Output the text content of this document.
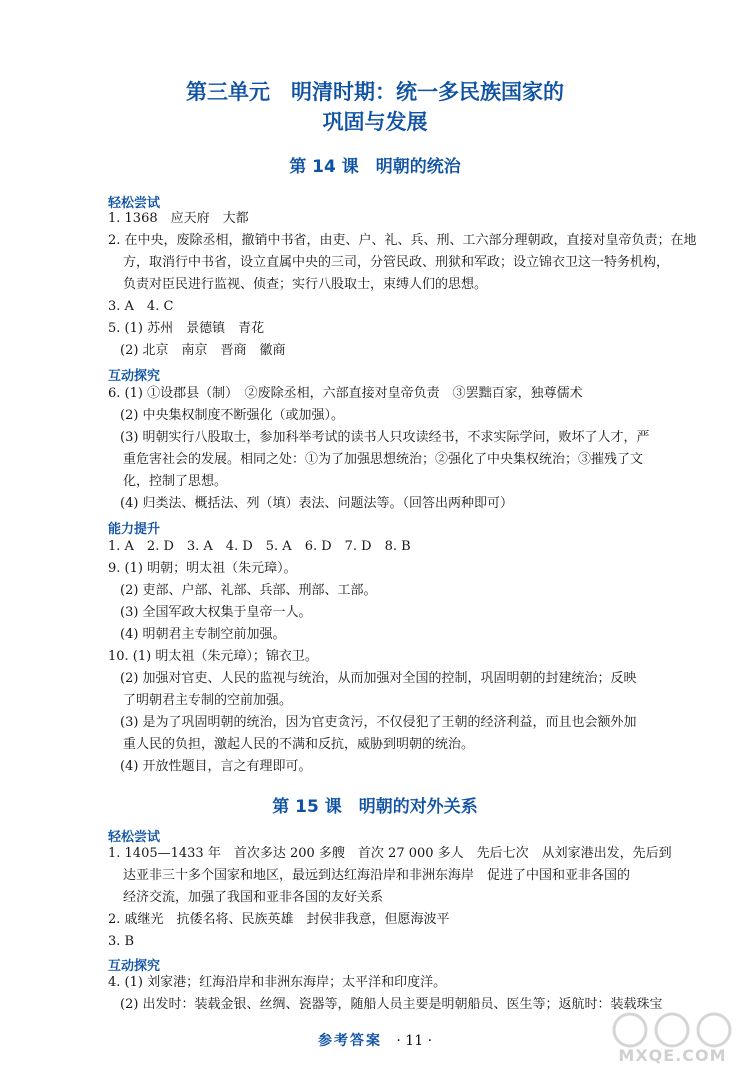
第三单元　明清时期：统一多民族国家的
巩固与发展
第 14 课　明朝的统治
轻松尝试
1. 1368　应天府　大都
2. 在中央，废除丞相，撤销中书省，由吏、户、礼、兵、刑、工六部分理朝政，直接对皇帝负责；在地
方，取消行中书省，设立直属中央的三司，分管民政、刑狱和军政；设立锦衣卫这一特务机构，
负责对臣民进行监视、侦查；实行八股取士，束缚人们的思想。
3. A　4. C
5. (1) 苏州　景德镇　青花
(2) 北京　南京　晋商　徽商
互动探究
6. (1) ①设郡县（制）　②废除丞相，六部直接对皇帝负责　③罢黜百家，独尊儒术
(2) 中央集权制度不断强化（或加强）。
(3) 明朝实行八股取士，参加科举考试的读书人只攻读经书，不求实际学问，败坏了人才，严
重危害社会的发展。相同之处：①为了加强思想统治；②强化了中央集权统治；③摧残了文
化，控制了思想。
(4) 归类法、概括法、列（填）表法、问题法等。（回答出两种即可）
能力提升
1. A　2. D　3. A　4. D　5. A　6. D　7. D　8. B
9. (1) 明朝；明太祖（朱元璋）。
(2) 吏部、户部、礼部、兵部、刑部、工部。
(3) 全国军政大权集于皇帝一人。
(4) 明朝君主专制空前加强。
10. (1) 明太祖（朱元璋）；锦衣卫。
(2) 加强对官吏、人民的监视与统治，从而加强对全国的控制，巩固明朝的封建统治；反映
了明朝君主专制的空前加强。
(3) 是为了巩固明朝的统治，因为官吏贪污，不仅侵犯了王朝的经济利益，而且也会额外加
重人民的负担，激起人民的不满和反抗，威胁到明朝的统治。
(4) 开放性题目，言之有理即可。
第 15 课　明朝的对外关系
轻松尝试
1. 1405—1433 年　首次多达 200 多艘　首次 27 000 多人　先后七次　从刘家港出发，先后到
达亚非三十多个国家和地区，最远到达红海沿岸和非洲东海岸　促进了中国和亚非各国的
经济交流，加强了我国和亚非各国的友好关系
2. 戚继光　抗倭名将、民族英雄　封侯非我意，但愿海波平
3. B
互动探究
4. (1) 刘家港；红海沿岸和非洲东海岸；太平洋和印度洋。
(2) 出发时：装载金银、丝绸、瓷器等，随船人员主要是明朝船员、医生等；返航时：装载珠宝
参考答案 · 11 ·
MXQE.COM
